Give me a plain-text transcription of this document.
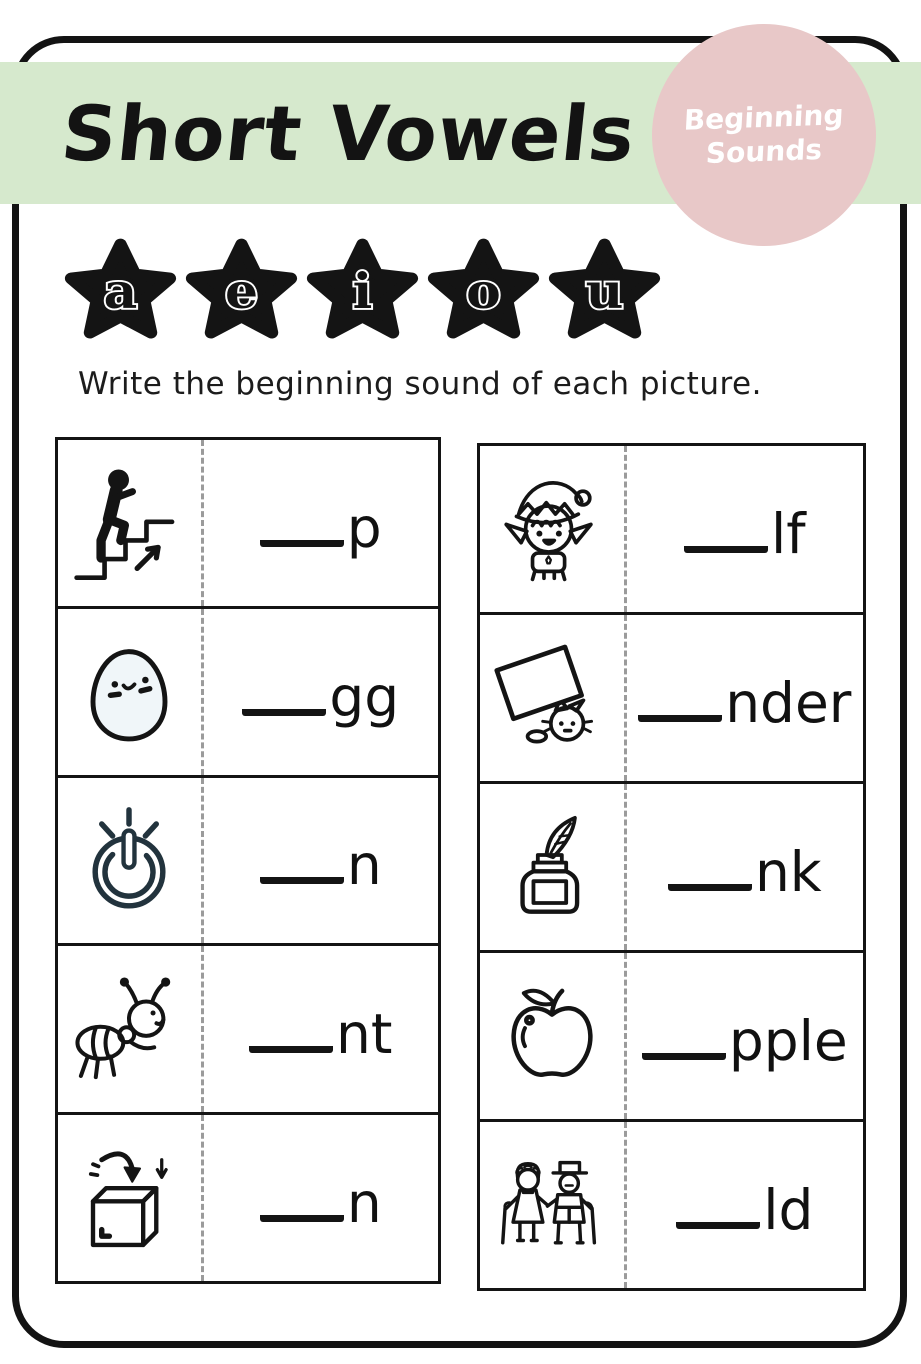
Short Vowels Beginning
Sounds
a e i o u
Write the beginning sound of each picture.
p
gg
n
nt
n
lf
nder
nk
pple
ld
